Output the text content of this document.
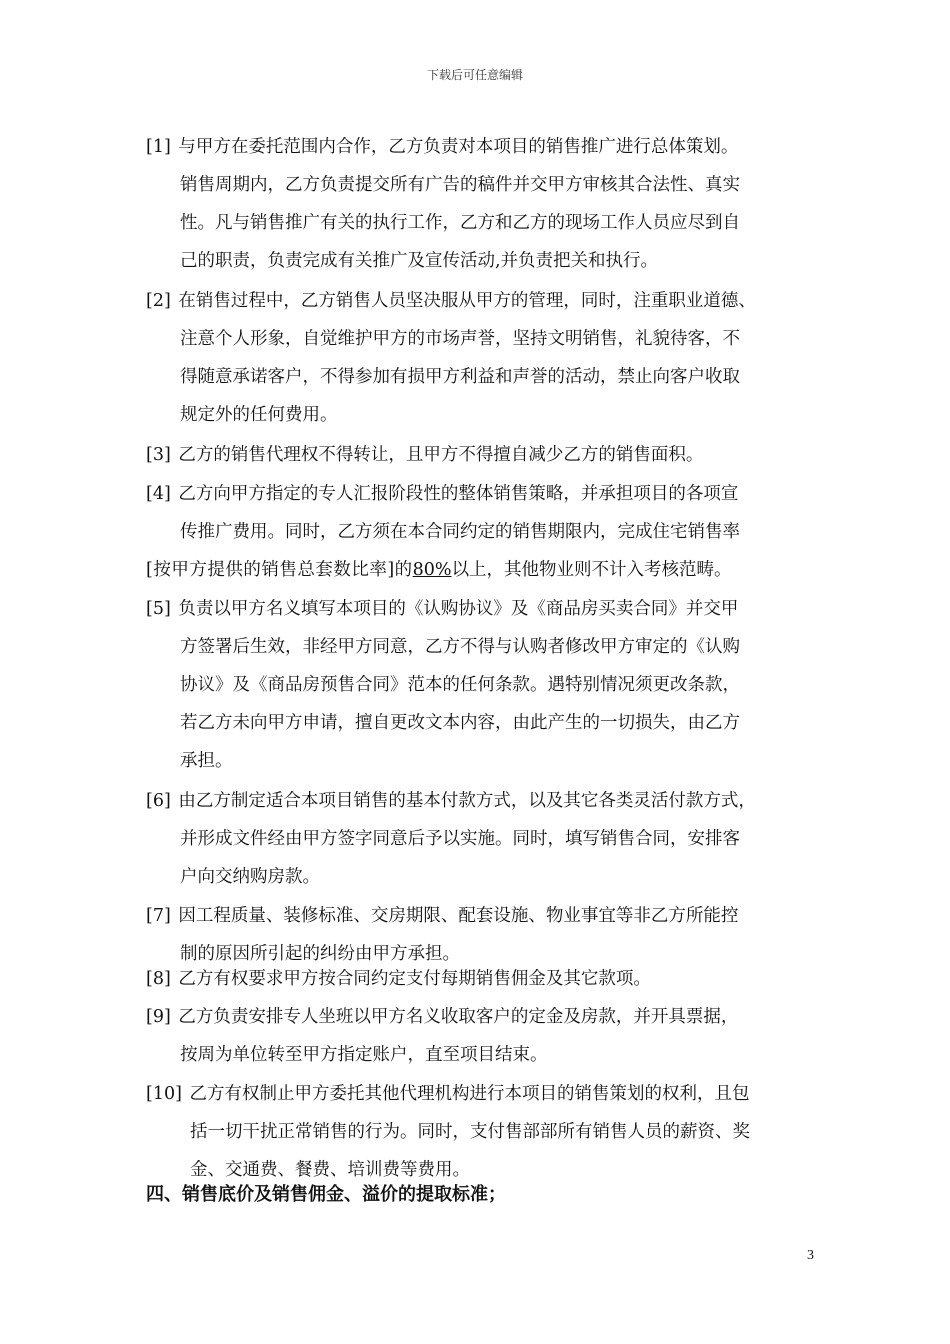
下载后可任意编辑
[1] 与甲方在委托范围内合作，乙方负责对本项目的销售推广进行总体策划。
销售周期内，乙方负责提交所有广告的稿件并交甲方审核其合法性、真实
性。凡与销售推广有关的执行工作，乙方和乙方的现场工作人员应尽到自
己的职责，负责完成有关推广及宣传活动,并负责把关和执行。
[2] 在销售过程中，乙方销售人员坚决服从甲方的管理，同时，注重职业道德、
注意个人形象，自觉维护甲方的市场声誉，坚持文明销售，礼貌待客，不
得随意承诺客户，不得参加有损甲方利益和声誉的活动，禁止向客户收取
规定外的任何费用。
[3] 乙方的销售代理权不得转让，且甲方不得擅自减少乙方的销售面积。
[4] 乙方向甲方指定的专人汇报阶段性的整体销售策略，并承担项目的各项宣
传推广费用。同时，乙方须在本合同约定的销售期限内，完成住宅销售率
[按甲方提供的销售总套数比率]的80%以上，其他物业则不计入考核范畴。
[5] 负责以甲方名义填写本项目的《认购协议》及《商品房买卖合同》并交甲
方签署后生效，非经甲方同意，乙方不得与认购者修改甲方审定的《认购
协议》及《商品房预售合同》范本的任何条款。遇特别情况须更改条款，
若乙方未向甲方申请，擅自更改文本内容，由此产生的一切损失，由乙方
承担。
[6] 由乙方制定适合本项目销售的基本付款方式，以及其它各类灵活付款方式，
并形成文件经由甲方签字同意后予以实施。同时，填写销售合同，安排客
户向交纳购房款。
[7] 因工程质量、装修标准、交房期限、配套设施、物业事宜等非乙方所能控
制的原因所引起的纠纷由甲方承担。
[8] 乙方有权要求甲方按合同约定支付每期销售佣金及其它款项。
[9] 乙方负责安排专人坐班以甲方名义收取客户的定金及房款，并开具票据，
按周为单位转至甲方指定账户，直至项目结束。
[10] 乙方有权制止甲方委托其他代理机构进行本项目的销售策划的权利，且包
括一切干扰正常销售的行为。同时，支付售部部所有销售人员的薪资、奖
金、交通费、餐费、培训费等费用。
四、销售底价及销售佣金、溢价的提取标准；
3
